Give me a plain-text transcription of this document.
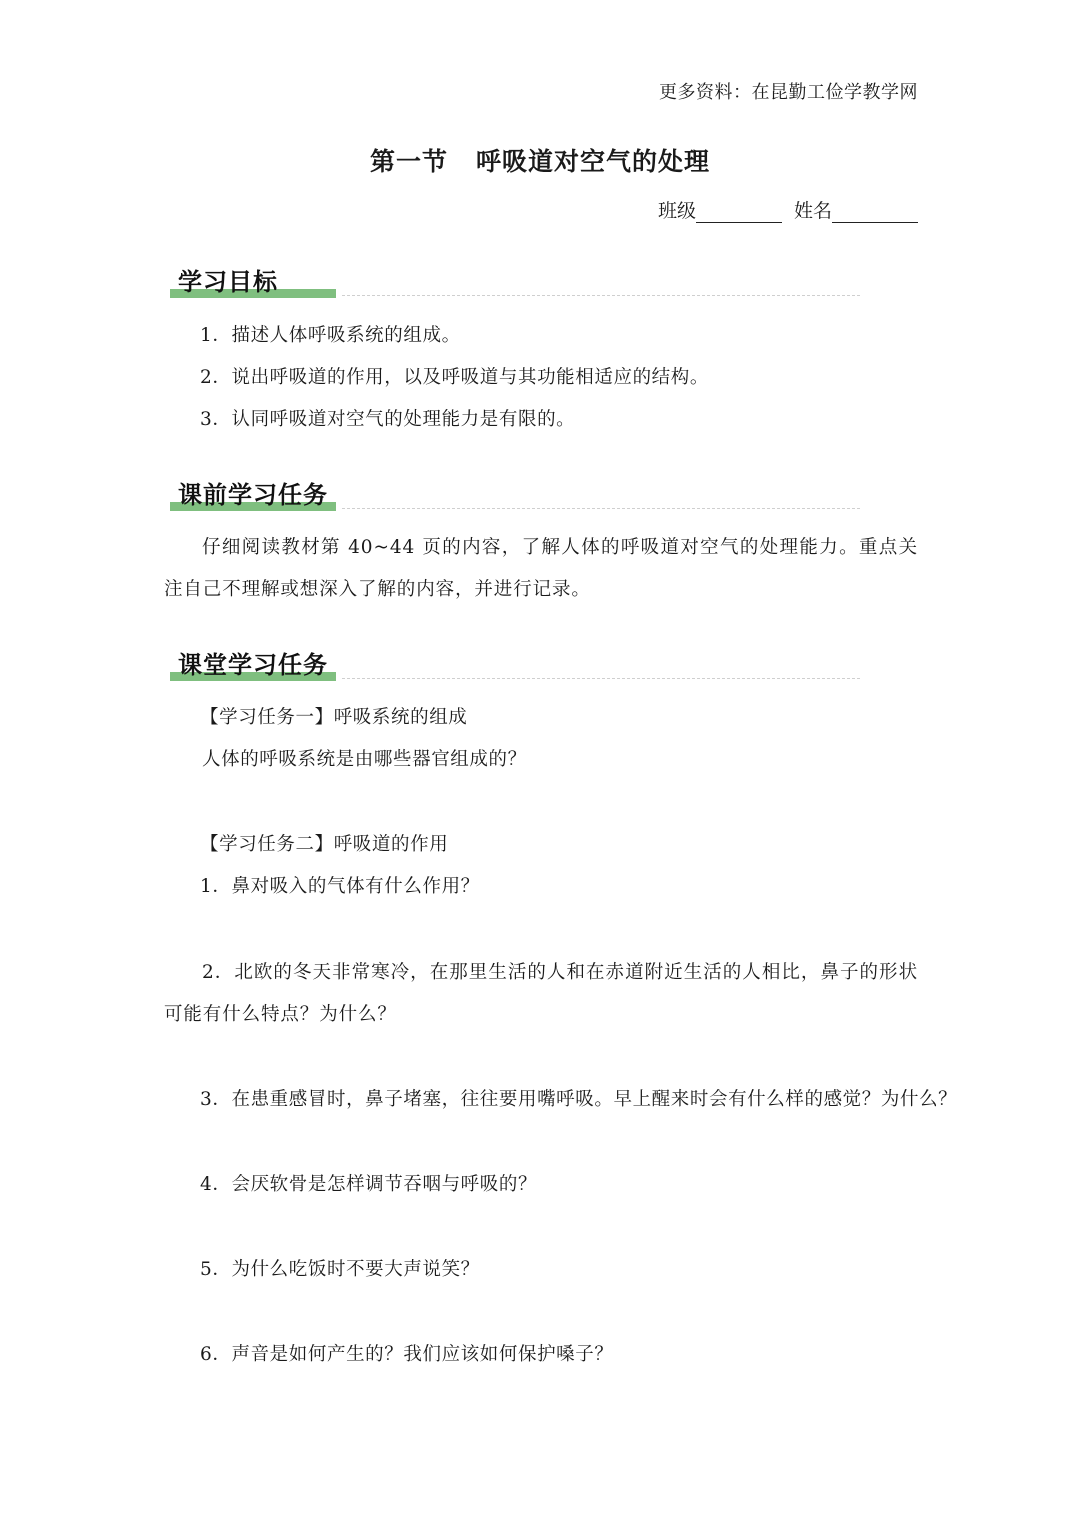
更多资料：在昆勤工俭学教学网
第一节 呼吸道对空气的处理
班级	姓名
学习目标
1．描述人体呼吸系统的组成。
2．说出呼吸道的作用，以及呼吸道与其功能相适应的结构。
3．认同呼吸道对空气的处理能力是有限的。
课前学习任务
仔细阅读教材第 40~44 页的内容，了解人体的呼吸道对空气的处理能力。重点关注自己不理解或想深入了解的内容，并进行记录。
课堂学习任务
【学习任务一】呼吸系统的组成
人体的呼吸系统是由哪些器官组成的？
【学习任务二】呼吸道的作用
1．鼻对吸入的气体有什么作用？
2．北欧的冬天非常寒冷，在那里生活的人和在赤道附近生活的人相比，鼻子的形状可能有什么特点？为什么？
3．在患重感冒时，鼻子堵塞，往往要用嘴呼吸。早上醒来时会有什么样的感觉？为什么？
4．会厌软骨是怎样调节吞咽与呼吸的？
5．为什么吃饭时不要大声说笑？
6．声音是如何产生的？我们应该如何保护嗓子？
